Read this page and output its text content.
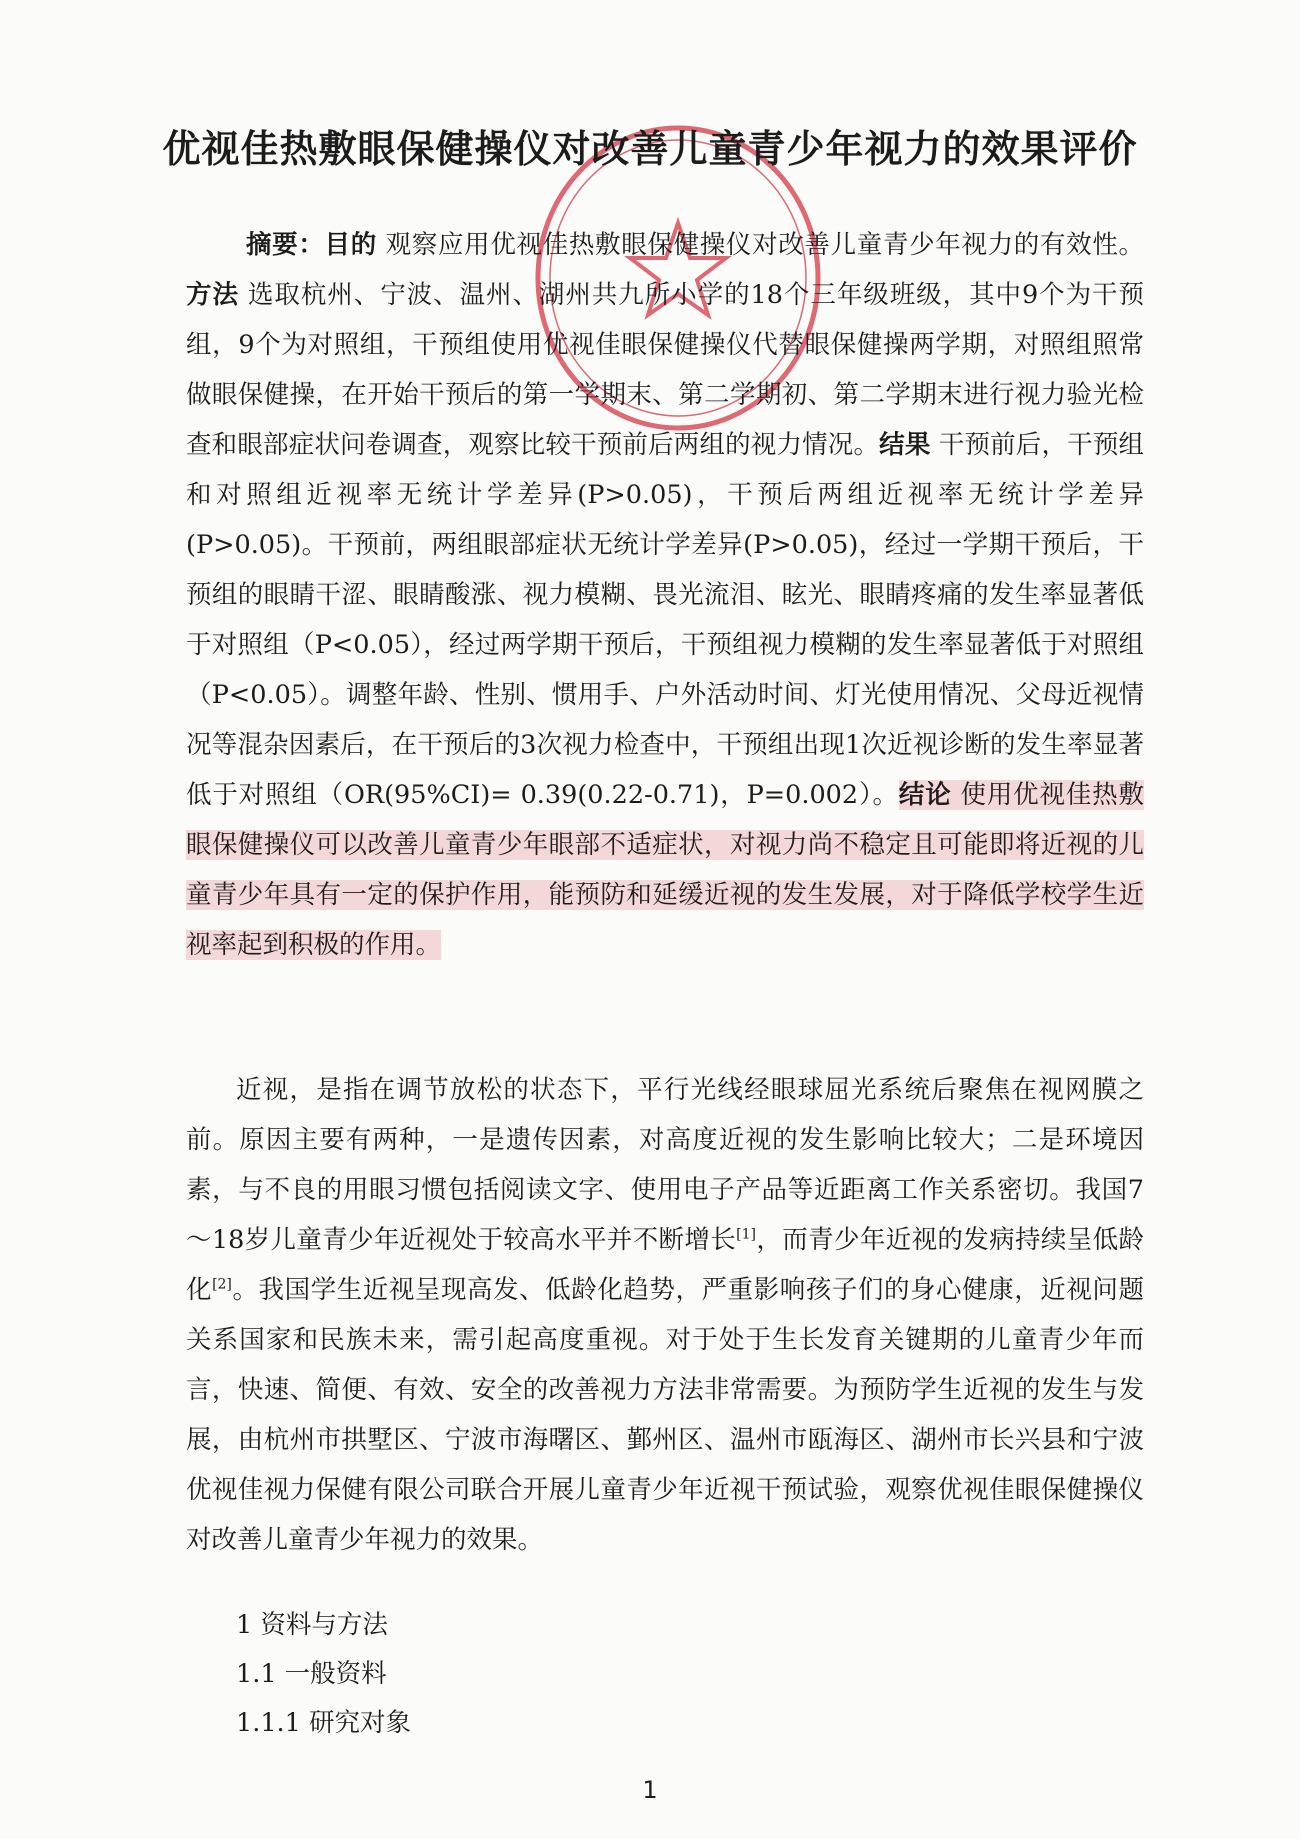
优视佳热敷眼保健操仪对改善儿童青少年视力的效果评价

摘要：目的 观察应用优视佳热敷眼保健操仪对改善儿童青少年视力的有效性。方法 选取杭州、宁波、温州、湖州共九所小学的18个三年级班级，其中9个为干预组，9个为对照组，干预组使用优视佳眼保健操仪代替眼保健操两学期，对照组照常做眼保健操，在开始干预后的第一学期末、第二学期初、第二学期末进行视力验光检查和眼部症状问卷调查，观察比较干预前后两组的视力情况。结果 干预前后，干预组和对照组近视率无统计学差异(P>0.05)，干预后两组近视率无统计学差异(P>0.05)。干预前，两组眼部症状无统计学差异(P>0.05)，经过一学期干预后，干预组的眼睛干涩、眼睛酸涨、视力模糊、畏光流泪、眩光、眼睛疼痛的发生率显著低于对照组（P<0.05），经过两学期干预后，干预组视力模糊的发生率显著低于对照组（P<0.05）。调整年龄、性别、惯用手、户外活动时间、灯光使用情况、父母近视情况等混杂因素后，在干预后的3次视力检查中，干预组出现1次近视诊断的发生率显著低于对照组（OR(95%CI)= 0.39(0.22-0.71)，P=0.002）。结论 使用优视佳热敷眼保健操仪可以改善儿童青少年眼部不适症状，对视力尚不稳定且可能即将近视的儿童青少年具有一定的保护作用，能预防和延缓近视的发生发展，对于降低学校学生近视率起到积极的作用。

近视，是指在调节放松的状态下，平行光线经眼球屈光系统后聚焦在视网膜之前。原因主要有两种，一是遗传因素，对高度近视的发生影响比较大；二是环境因素，与不良的用眼习惯包括阅读文字、使用电子产品等近距离工作关系密切。我国7～18岁儿童青少年近视处于较高水平并不断增长[1]，而青少年近视的发病持续呈低龄化[2]。我国学生近视呈现高发、低龄化趋势，严重影响孩子们的身心健康，近视问题关系国家和民族未来，需引起高度重视。对于处于生长发育关键期的儿童青少年而言，快速、简便、有效、安全的改善视力方法非常需要。为预防学生近视的发生与发展，由杭州市拱墅区、宁波市海曙区、鄞州区、温州市瓯海区、湖州市长兴县和宁波优视佳视力保健有限公司联合开展儿童青少年近视干预试验，观察优视佳眼保健操仪对改善儿童青少年视力的效果。

1 资料与方法
1.1 一般资料
1.1.1 研究对象
1
